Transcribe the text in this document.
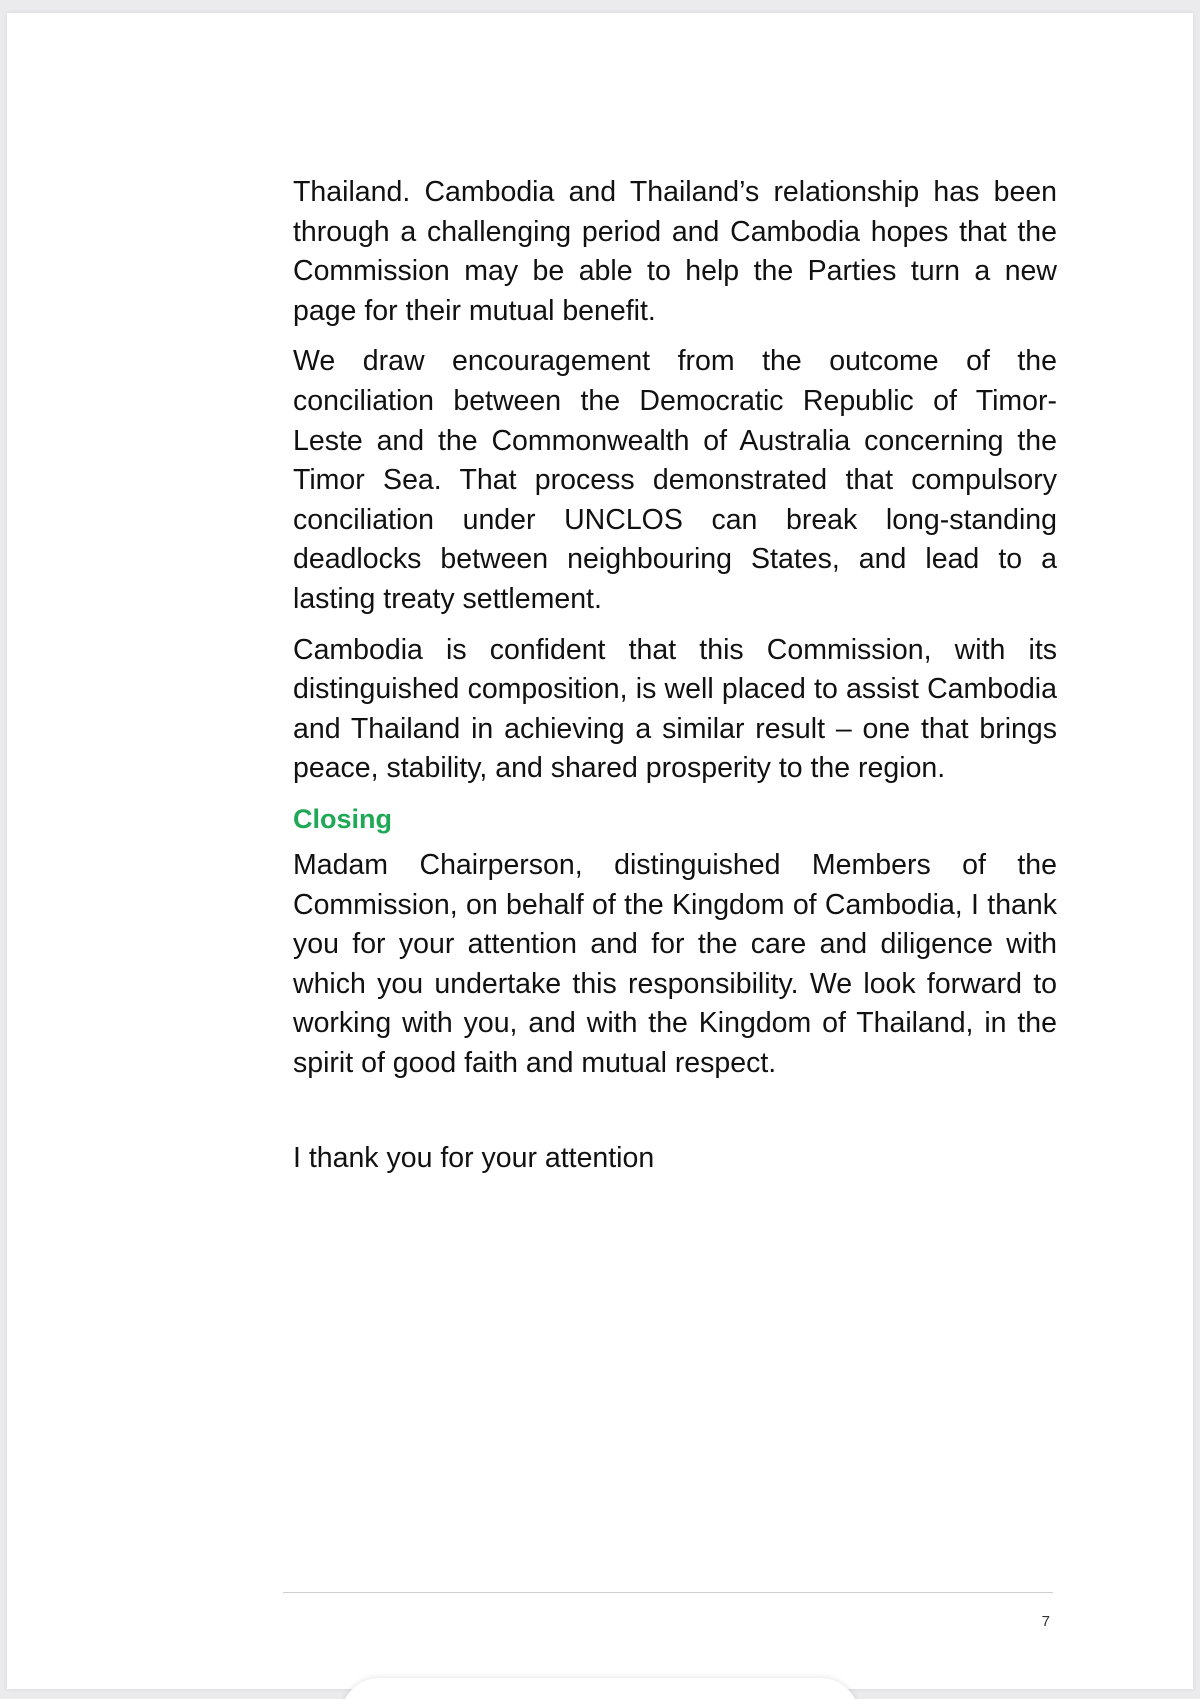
Thailand. Cambodia and Thailand’s relationship has been through a challenging period and Cambodia hopes that the Commission may be able to help the Parties turn a new page for their mutual benefit.

We draw encouragement from the outcome of the conciliation between the Democratic Republic of Timor-Leste and the Commonwealth of Australia concerning the Timor Sea. That process demonstrated that compulsory conciliation under UNCLOS can break long-standing deadlocks between neighbouring States, and lead to a lasting treaty settlement.

Cambodia is confident that this Commission, with its distinguished composition, is well placed to assist Cambodia and Thailand in achieving a similar result – one that brings peace, stability, and shared prosperity to the region.

Closing

Madam Chairperson, distinguished Members of the Commission, on behalf of the Kingdom of Cambodia, I thank you for your attention and for the care and diligence with which you undertake this responsibility. We look forward to working with you, and with the Kingdom of Thailand, in the spirit of good faith and mutual respect.

I thank you for your attention

7
